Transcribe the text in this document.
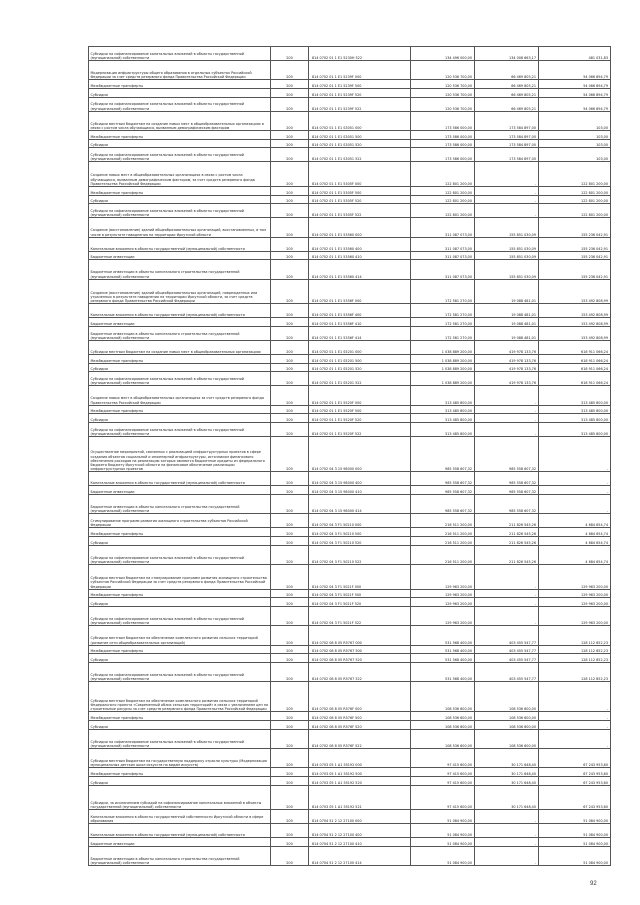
Субсидии на софинансирование капитальных вложений в объекты государственной (муниципальной) собственности	200	814 0702 01 1 E1 5230Н 522	134 496 000,00	134 008 663,17	481 031,83
Модернизация инфраструктуры общего образования в отдельных субъектах Российской Федерации за счет средств резервного фонда Правительства Российской Федерации	200	814 0702 01 1 E1 5239F 000	120 536 700,00	66 469 805,21	54 066 894,79
Межбюджетные трансферты	200	814 0702 01 1 E1 5239F 500	120 536 700,00	66 469 805,21	54 066 894,79
Субсидии	200	814 0702 01 1 E1 5239F 520	120 536 700,00	66 469 805,21	54 066 894,79
Субсидии на софинансирование капитальных вложений в объекты государственной (муниципальной) собственности	200	814 0702 01 1 E1 5239F 522	120 536 700,00	66 469 805,21	54 066 894,79
Субсидии местным бюджетам на создание новых мест в общеобразовательных организациях в связи с ростом числа обучающихся, вызванным демографическим фактором	200	814 0702 01 1 E1 S3051 000	173 586 000,00	173 584 897,00	103,00
Межбюджетные трансферты	200	814 0702 01 1 E1 S3051 500	173 586 000,00	173 584 897,00	103,00
Субсидии	200	814 0702 01 1 E1 S3051 520	173 586 000,00	173 584 897,00	103,00
Субсидии на софинансирование капитальных вложений в объекты государственной (муниципальной) собственности	200	814 0702 01 1 E1 S3051 522	173 586 000,00	173 584 897,00	103,00
Создание новых мест в общеобразовательных организациях в связи с ростом числа обучающихся, вызванным демографическим фактором, за счет средств резервного фонда Правительства Российской Федерации	200	814 0702 01 1 E1 5305F 000	122 801 200,00	-	122 801 200,00
Межбюджетные трансферты	200	814 0702 01 1 E1 5305F 500	122 801 200,00	-	122 801 200,00
Субсидии	200	814 0702 01 1 E1 5305F 520	122 801 200,00	-	122 801 200,00
Субсидии на софинансирование капитальных вложений в объекты государственной (муниципальной) собственности	200	814 0702 01 1 E1 5305F 522	122 801 200,00	-	122 801 200,00
Создание (восстановление) зданий общеобразовательных организаций, восстановленных, в том числе в результате наводнения на территории Иркутской области	200	814 0702 01 1 E1 53560 000	311 087 073,00	155 851 030,09	155 236 042,91
Капитальные вложения в объекты государственной (муниципальной) собственности	200	814 0702 01 1 E1 53560 400	311 087 073,00	155 851 030,09	155 236 042,91
Бюджетные инвестиции	200	814 0702 01 1 E1 53560 410	311 087 073,00	155 851 030,09	155 236 042,91
Бюджетные инвестиции в объекты капитального строительства государственной (муниципальной) собственности	200	814 0702 01 1 E1 53560 414	311 087 073,00	155 851 030,09	155 236 042,91
Создание (восстановление) зданий общеобразовательных организаций, поврежденных или утраченных в результате наводнения на территории Иркутской области, за счет средств резервного фонда Правительства Российской Федерации	200	814 0702 01 1 E1 5356F 000	172 581 270,00	19 088 481,01	153 492 808,99
Капитальные вложения в объекты государственной (муниципальной) собственности	200	814 0702 01 1 E1 5356F 400	172 581 270,00	19 088 481,01	153 492 808,99
Бюджетные инвестиции	200	814 0702 01 1 E1 5356F 410	172 581 270,00	19 088 481,01	153 492 808,99
Бюджетные инвестиции в объекты капитального строительства государственной (муниципальной) собственности	200	814 0702 01 1 E1 5356F 414	172 581 270,00	19 088 481,01	153 492 808,99
Субсидии местным бюджетам на создание новых мест в общеобразовательных организациях	200	814 0702 01 1 E1 S5201 000	1 038 889 200,00	419 978 133,76	618 911 066,24
Межбюджетные трансферты	200	814 0702 01 1 E1 S5201 500	1 038 889 200,00	419 978 133,76	618 911 066,24
Субсидии	200	814 0702 01 1 E1 S5201 520	1 038 889 200,00	419 978 133,76	618 911 066,24
Субсидии на софинансирование капитальных вложений в объекты государственной (муниципальной) собственности	200	814 0702 01 1 E1 S5201 522	1 038 889 200,00	419 978 133,76	618 911 066,24
Создание новых мест в общеобразовательных организациях за счет средств резервного фонда Правительства Российской Федерации	200	814 0702 01 1 E1 5520F 000	313 485 800,00	-	313 485 800,00
Межбюджетные трансферты	200	814 0702 01 1 E1 5520F 500	313 485 800,00	-	313 485 800,00
Субсидии	200	814 0702 01 1 E1 5520F 520	313 485 800,00	-	313 485 800,00
Субсидии на софинансирование капитальных вложений в объекты государственной (муниципальной) собственности	200	814 0702 01 1 E1 5520F 522	313 485 800,00	-	313 485 800,00
Осуществление мероприятий, связанных с реализацией инфраструктурных проектов в сфере создания объектов социальной и инженерной инфраструктуры, источником финансового обеспечения расходов на реализацию которых являются бюджетные кредиты из федерального бюджета бюджету Иркутской области на финансовое обеспечение реализации инфраструктурных проектов	200	814 0702 04 3 15 98000 000	985 558 607,32	985 558 607,32	-
Капитальные вложения в объекты государственной (муниципальной) собственности	200	814 0702 04 3 15 98000 400	985 558 607,32	985 558 607,32	-
Бюджетные инвестиции	200	814 0702 04 3 15 98000 410	985 558 607,32	985 558 607,32	-
Бюджетные инвестиции в объекты капитального строительства государственной (муниципальной) собственности	200	814 0702 04 3 15 98000 414	985 558 607,32	985 558 607,32	-
Стимулирование программ развития жилищного строительства субъектов Российской Федерации	200	814 0702 04 3 F1 50210 000	216 511 200,00	211 826 545,26	4 684 654,74
Межбюджетные трансферты	200	814 0702 04 3 F1 50210 500	216 511 200,00	211 826 545,26	4 684 654,74
Субсидии	200	814 0702 04 3 F1 50210 520	216 511 200,00	211 826 545,26	4 684 654,74
Субсидии на софинансирование капитальных вложений в объекты государственной (муниципальной) собственности	200	814 0702 04 3 F1 50210 522	216 511 200,00	211 826 545,26	4 684 654,74
Субсидии местным бюджетам на стимулирование программ развития жилищного строительства субъектов Российской Федерации за счет средств резервного фонда Правительства Российской Федерации	200	814 0702 04 3 F1 5021F 000	129 963 200,00	-	129 963 200,00
Межбюджетные трансферты	200	814 0702 04 3 F1 5021F 500	129 963 200,00	-	129 963 200,00
Субсидии	200	814 0702 04 3 F1 5021F 520	129 963 200,00	-	129 963 200,00
Субсидии на софинансирование капитальных вложений в объекты государственной (муниципальной) собственности	200	814 0702 04 3 F1 5021F 522	129 963 200,00	-	129 963 200,00
Субсидии местным бюджетам на обеспечение комплексного развития сельских территорий (развитие сети общеобразовательных организаций)	200	814 0702 08 8 05 R5767 000	531 568 400,00	403 455 547,77	128 112 852,23
Межбюджетные трансферты	200	814 0702 08 8 05 R5767 500	531 568 400,00	403 455 547,77	128 112 852,23
Субсидии	200	814 0702 08 8 05 R5767 520	531 568 400,00	403 455 547,77	128 112 852,23
Субсидии на софинансирование капитальных вложений в объекты государственной (муниципальной) собственности	200	814 0702 08 8 05 R5767 522	531 568 400,00	403 455 547,77	128 112 852,23
Субсидии местным бюджетам на обеспечение комплексного развития сельских территорий Федерального проекта «Современный облик сельских территорий» в связи с увеличением цен на строительные ресурсы за счет средств резервного фонда Правительства Российской Федерации	200	814 0702 08 8 05 R576F 000	108 536 600,00	108 536 600,00	-
Межбюджетные трансферты	200	814 0702 08 8 05 R576F 500	108 536 600,00	108 536 600,00	-
Субсидии	200	814 0702 08 8 05 R576F 520	108 536 600,00	108 536 600,00	-
Субсидии на софинансирование капитальных вложений в объекты государственной (муниципальной) собственности	200	814 0702 08 8 05 R576F 522	108 536 600,00	108 536 600,00	-
Субсидии местным бюджетам на государственную поддержку отрасли культуры (Модернизация муниципальных детских школ искусств по видам искусств)	200	814 0703 05 1 A1 55192 000	97 415 600,00	30 171 648,40	67 243 953,60
Межбюджетные трансферты	200	814 0703 05 1 A1 55192 500	97 415 600,00	30 171 648,40	67 243 953,60
Субсидии	200	814 0703 05 1 A1 55192 520	97 415 600,00	30 171 648,40	67 243 953,60
Субсидии, за исключением субсидий на софинансирование капитальных вложений в объекты государственной (муниципальной) собственности	200	814 0703 05 1 A1 55192 521	97 415 600,00	30 171 648,40	67 243 953,60
Капитальные вложения в объекты государственной собственности Иркутской области в сфере образования	200	814 0704 51 2 12 27100 000	51 084 900,00	-	51 084 900,00
Капитальные вложения в объекты государственной (муниципальной) собственности	200	814 0704 51 2 12 27100 400	51 084 900,00	-	51 084 900,00
Бюджетные инвестиции	200	814 0704 51 2 12 27100 410	51 084 900,00	-	51 084 900,00
Бюджетные инвестиции в объекты капитального строительства государственной (муниципальной) собственности	200	814 0704 51 2 12 27100 414	51 084 900,00	-	51 084 900,00
92
